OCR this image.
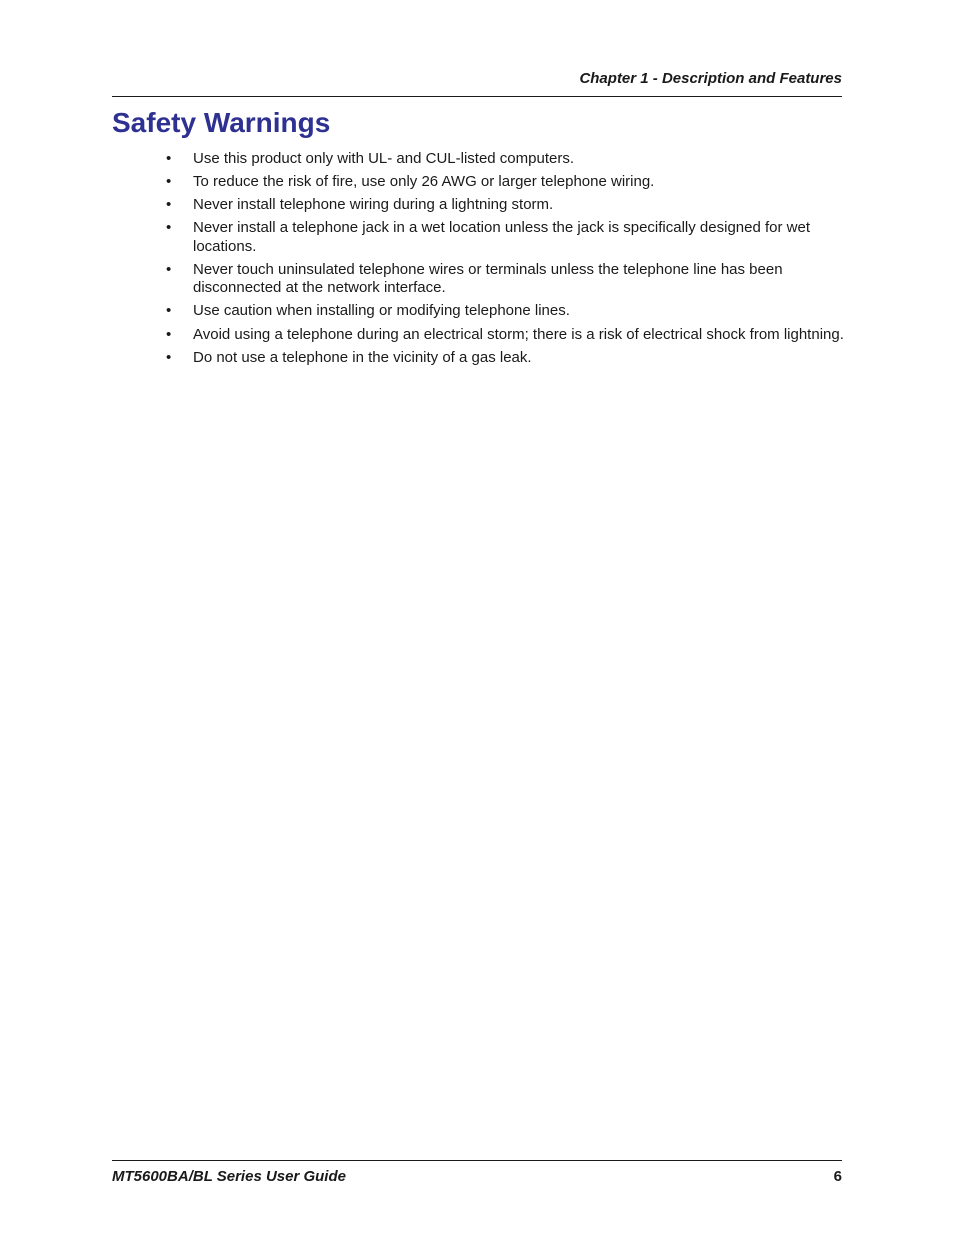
Chapter 1 - Description and Features
Safety Warnings
• Use this product only with UL- and CUL-listed computers.
• To reduce the risk of fire, use only 26 AWG or larger telephone wiring.
• Never install telephone wiring during a lightning storm.
• Never install a telephone jack in a wet location unless the jack is specifically designed for wet locations.
• Never touch uninsulated telephone wires or terminals unless the telephone line has been disconnected at the network interface.
• Use caution when installing or modifying telephone lines.
• Avoid using a telephone during an electrical storm; there is a risk of electrical shock from lightning.
• Do not use a telephone in the vicinity of a gas leak.
MT5600BA/BL Series User Guide	6
